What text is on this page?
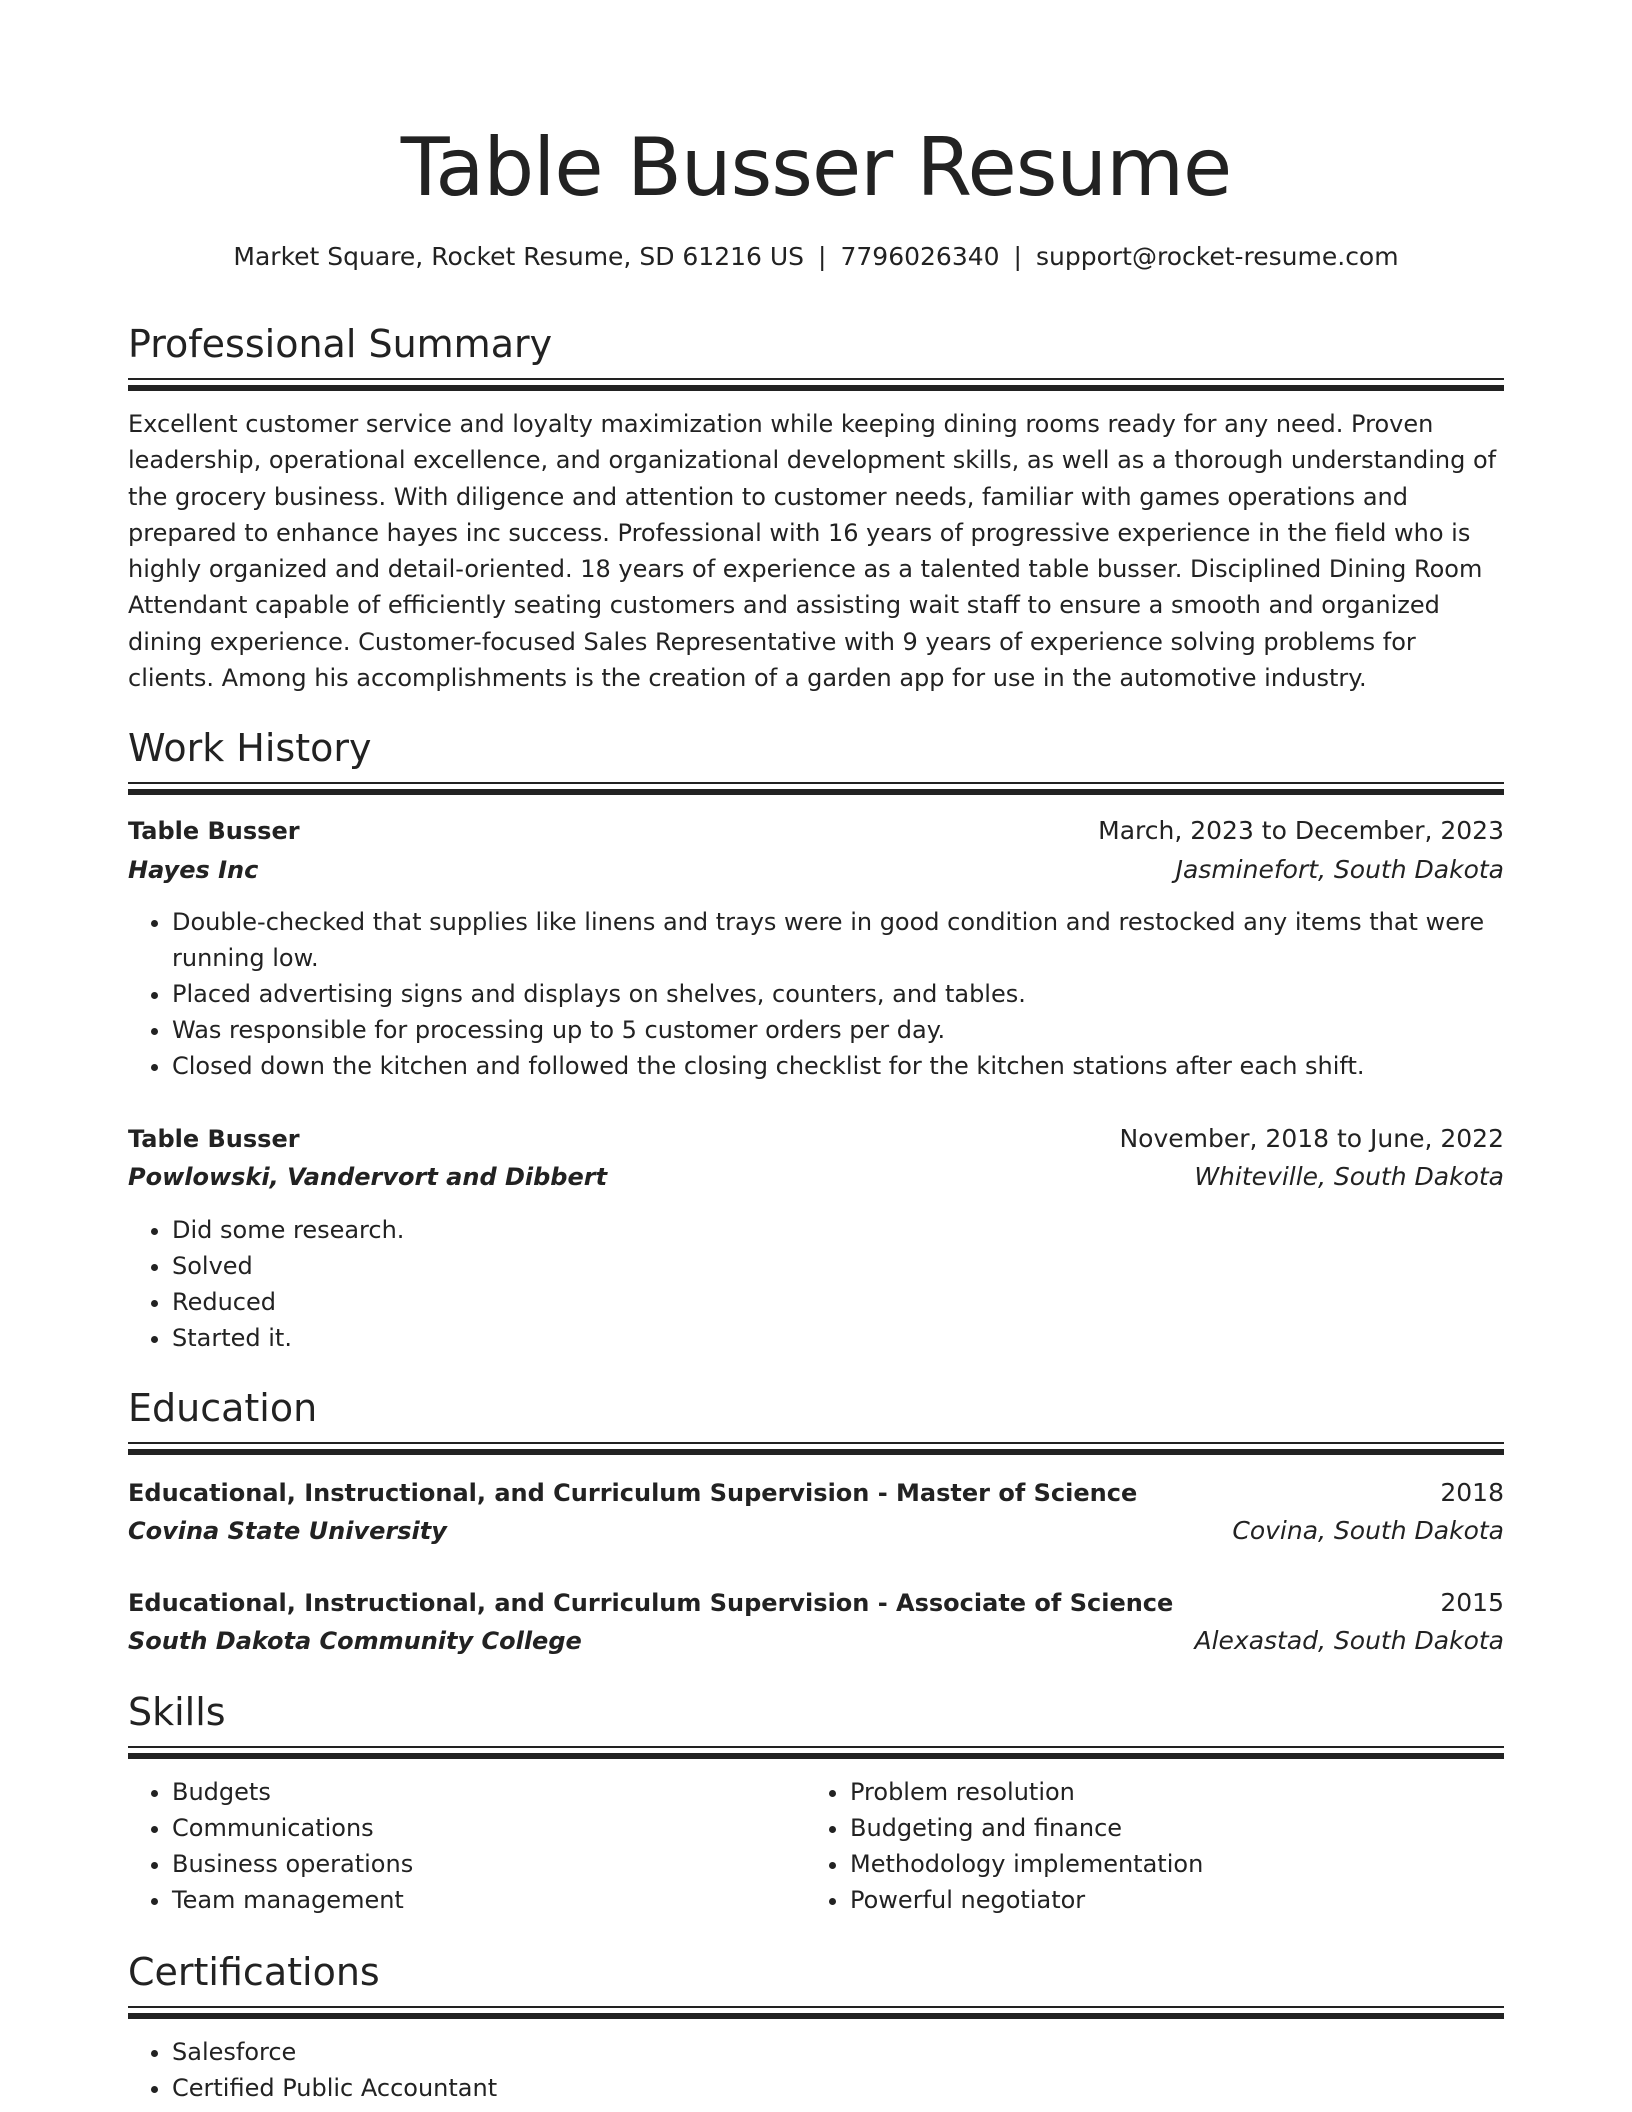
Table Busser Resume
Market Square, Rocket Resume, SD 61216 US | 7796026340 | support@rocket-resume.com
Professional Summary

Excellent customer service and loyalty maximization while keeping dining rooms ready for any need. Proven leadership, operational excellence, and organizational development skills, as well as a thorough understanding of the grocery business. With diligence and attention to customer needs, familiar with games operations and prepared to enhance hayes inc success. Professional with 16 years of progressive experience in the field who is highly organized and detail-oriented. 18 years of experience as a talented table busser. Disciplined Dining Room Attendant capable of efficiently seating customers and assisting wait staff to ensure a smooth and organized dining experience. Customer-focused Sales Representative with 9 years of experience solving problems for clients. Among his accomplishments is the creation of a garden app for use in the automotive industry.

Work History
Table Busser	March, 2023 to December, 2023
Hayes Inc	Jasminefort, South Dakota
• Double-checked that supplies like linens and trays were in good condition and restocked any items that were running low.
• Placed advertising signs and displays on shelves, counters, and tables.
• Was responsible for processing up to 5 customer orders per day.
• Closed down the kitchen and followed the closing checklist for the kitchen stations after each shift.
Table Busser	November, 2018 to June, 2022
Powlowski, Vandervort and Dibbert	Whiteville, South Dakota
• Did some research.
• Solved
• Reduced
• Started it.
Education
Educational, Instructional, and Curriculum Supervision - Master of Science	2018
Covina State University	Covina, South Dakota
Educational, Instructional, and Curriculum Supervision - Associate of Science	2015
South Dakota Community College	Alexastad, South Dakota
Skills
• Budgets
• Communications
• Business operations
• Team management
• Problem resolution
• Budgeting and finance
• Methodology implementation
• Powerful negotiator
Certifications
• Salesforce
• Certified Public Accountant
